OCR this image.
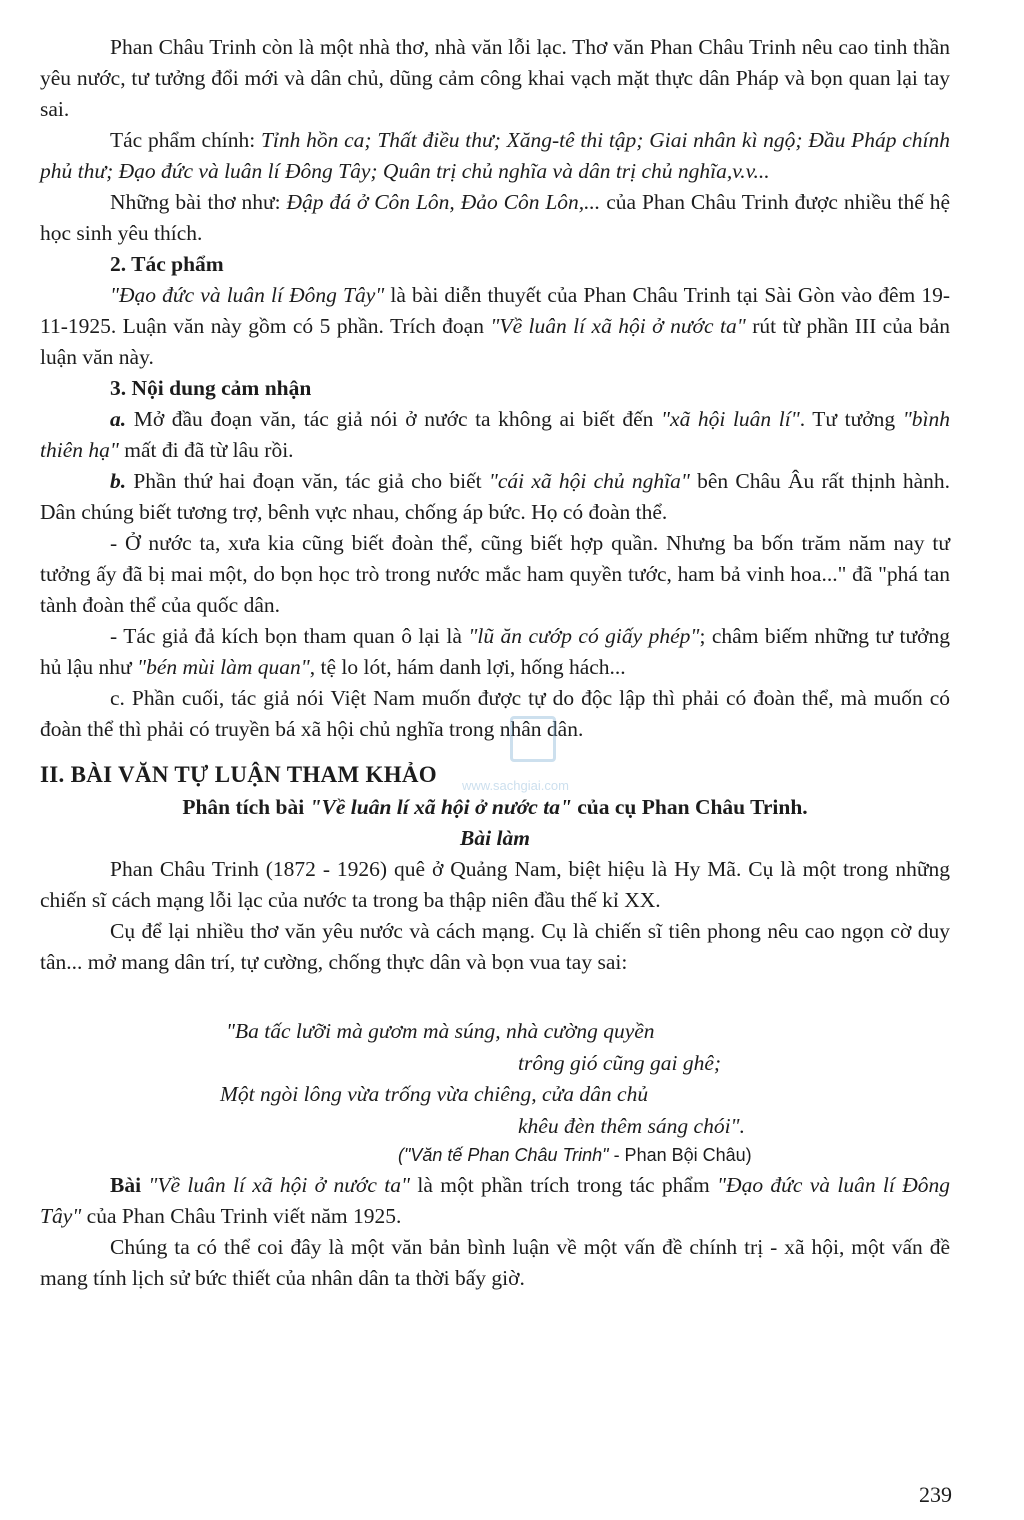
Phan Châu Trinh còn là một nhà thơ, nhà văn lỗi lạc. Thơ văn Phan Châu Trinh nêu cao tinh thần yêu nước, tư tưởng đổi mới và dân chủ, dũng cảm công khai vạch mặt thực dân Pháp và bọn quan lại tay sai.

Tác phẩm chính: Tỉnh hồn ca; Thất điều thư; Xăng-tê thi tập; Giai nhân kì ngộ; Đầu Pháp chính phủ thư; Đạo đức và luân lí Đông Tây; Quân trị chủ nghĩa và dân trị chủ nghĩa,v.v...

Những bài thơ như: Đập đá ở Côn Lôn, Đảo Côn Lôn,... của Phan Châu Trinh được nhiều thế hệ học sinh yêu thích.

2. Tác phẩm

"Đạo đức và luân lí Đông Tây" là bài diễn thuyết của Phan Châu Trinh tại Sài Gòn vào đêm 19-11-1925. Luận văn này gồm có 5 phần. Trích đoạn "Về luân lí xã hội ở nước ta" rút từ phần III của bản luận văn này.

3. Nội dung cảm nhận

a. Mở đầu đoạn văn, tác giả nói ở nước ta không ai biết đến "xã hội luân lí". Tư tưởng "bình thiên hạ" mất đi đã từ lâu rồi.

b. Phần thứ hai đoạn văn, tác giả cho biết "cái xã hội chủ nghĩa" bên Châu Âu rất thịnh hành. Dân chúng biết tương trợ, bênh vực nhau, chống áp bức. Họ có đoàn thể.

- Ở nước ta, xưa kia cũng biết đoàn thể, cũng biết hợp quần. Nhưng ba bốn trăm năm nay tư tưởng ấy đã bị mai một, do bọn học trò trong nước mắc ham quyền tước, ham bả vinh hoa..." đã "phá tan tành đoàn thể của quốc dân.

- Tác giả đả kích bọn tham quan ô lại là "lũ ăn cướp có giấy phép"; châm biếm những tư tưởng hủ lậu như "bén mùi làm quan", tệ lo lót, hám danh lợi, hống hách...

c. Phần cuối, tác giả nói Việt Nam muốn được tự do độc lập thì phải có đoàn thể, mà muốn có đoàn thể thì phải có truyền bá xã hội chủ nghĩa trong nhân dân.

II. BÀI VĂN TỰ LUẬN THAM KHẢO

Phân tích bài "Về luân lí xã hội ở nước ta" của cụ Phan Châu Trinh.

Bài làm

Phan Châu Trinh (1872 - 1926) quê ở Quảng Nam, biệt hiệu là Hy Mã. Cụ là một trong những chiến sĩ cách mạng lỗi lạc của nước ta trong ba thập niên đầu thế kỉ XX.

Cụ để lại nhiều thơ văn yêu nước và cách mạng. Cụ là chiến sĩ tiên phong nêu cao ngọn cờ duy tân... mở mang dân trí, tự cường, chống thực dân và bọn vua tay sai:

"Ba tấc lưỡi mà gươm mà súng, nhà cường quyền
trông gió cũng gai ghê;
Một ngòi lông vừa trống vừa chiêng, cửa dân chủ
khêu đèn thêm sáng chói".
("Văn tế Phan Châu Trinh" - Phan Bội Châu)

Bài "Về luân lí xã hội ở nước ta" là một phần trích trong tác phẩm "Đạo đức và luân lí Đông Tây" của Phan Châu Trinh viết năm 1925.

Chúng ta có thể coi đây là một văn bản bình luận về một vấn đề chính trị - xã hội, một vấn đề mang tính lịch sử bức thiết của nhân dân ta thời bấy giờ.

www.sachgiai.com
239
